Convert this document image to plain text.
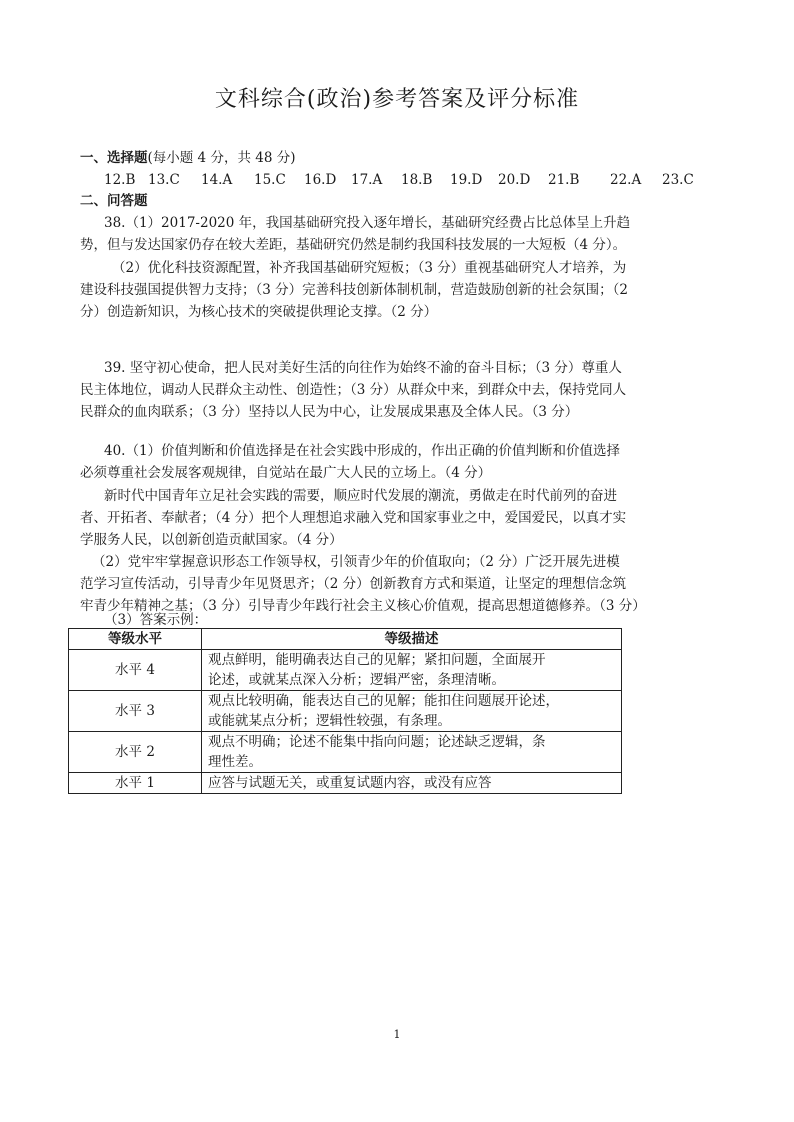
文科综合(政治)参考答案及评分标准
一、选择题(每小题 4 分，共 48 分)
12.B 13.C 14.A 15.C 16.D 17.A 18.B 19.D 20.D 21.B 22.A 23.C
二、问答题
38.（1）2017-2020 年，我国基础研究投入逐年增长，基础研究经费占比总体呈上升趋
势，但与发达国家仍存在较大差距，基础研究仍然是制约我国科技发展的一大短板（4 分）。
（2）优化科技资源配置，补齐我国基础研究短板；（3 分）重视基础研究人才培养，为
建设科技强国提供智力支持；（3 分）完善科技创新体制机制，营造鼓励创新的社会氛围；（2
分）创造新知识，为核心技术的突破提供理论支撑。（2 分）
39. 坚守初心使命，把人民对美好生活的向往作为始终不渝的奋斗目标；（3 分）尊重人
民主体地位，调动人民群众主动性、创造性；（3 分）从群众中来，到群众中去，保持党同人
民群众的血肉联系；（3 分）坚持以人民为中心，让发展成果惠及全体人民。（3 分）
40.（1）价值判断和价值选择是在社会实践中形成的，作出正确的价值判断和价值选择
必须尊重社会发展客观规律，自觉站在最广大人民的立场上。（4 分）
新时代中国青年立足社会实践的需要，顺应时代发展的潮流，勇做走在时代前列的奋进
者、开拓者、奉献者；（4 分）把个人理想追求融入党和国家事业之中，爱国爱民，以真才实
学服务人民，以创新创造贡献国家。（4 分）
（2）党牢牢掌握意识形态工作领导权，引领青少年的价值取向；（2 分）广泛开展先进模
范学习宣传活动，引导青少年见贤思齐；（2 分）创新教育方式和渠道，让坚定的理想信念筑
牢青少年精神之基；（3 分）引导青少年践行社会主义核心价值观，提高思想道德修养。（3 分）
（3）答案示例：
等级水平	等级描述
水平 4	观点鲜明，能明确表达自己的见解；紧扣问题，全面展开
论述，或就某点深入分析；逻辑严密，条理清晰。
水平 3	观点比较明确，能表达自己的见解；能扣住问题展开论述，
或能就某点分析；逻辑性较强，有条理。
水平 2	观点不明确；论述不能集中指向问题；论述缺乏逻辑，条
理性差。
水平 1	应答与试题无关，或重复试题内容，或没有应答
1
